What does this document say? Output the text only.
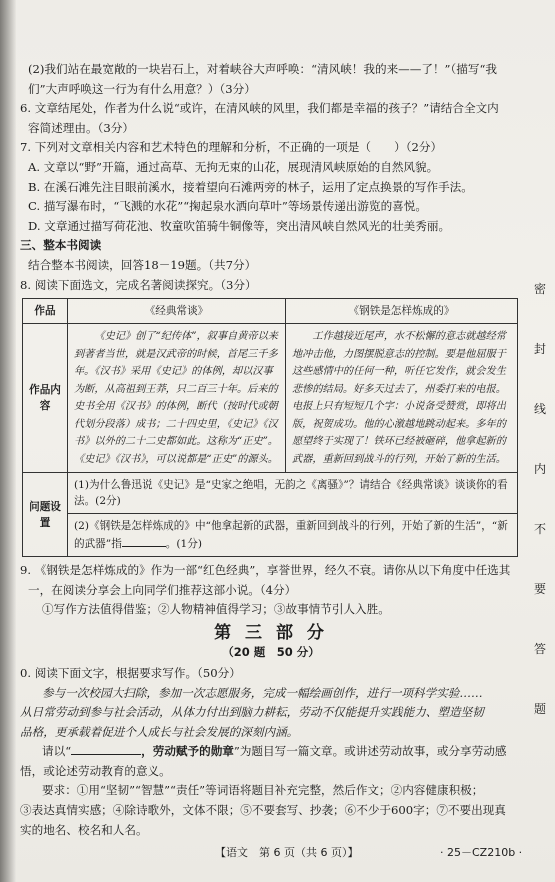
(2)我们站在最宽敞的一块岩石上，对着峡谷大声呼唤：“清风峡！我的来——了！”（描写“我

们”大声呼唤这一行为有什么用意？）（3分）

6. 文章结尾处，作者为什么说“或许，在清风峡的风里，我们都是幸福的孩子？”请结合全文内

容简述理由。（3分）

7. 下列对文章相关内容和艺术特色的理解和分析，不正确的一项是（　　）（2分）

A. 文章以“野”开篇，通过高草、无拘无束的山花，展现清风峡原始的自然风貌。

B. 在溪石滩先注目眼前溪水，接着望向石滩两旁的林子，运用了定点换景的写作手法。

C. 描写瀑布时，“飞溅的水花”“掬起泉水洒向草叶”等场景传递出游览的喜悦。

D. 文章通过描写荷花池、牧童吹笛骑牛铜像等，突出清风峡自然风光的壮美秀丽。

三、整本书阅读

结合整本书阅读，回答18－19题。（共7分）

8. 阅读下面选文，完成名著阅读探究。（3分）

作品	《经典常谈》	《钢铁是怎样炼成的》
作品内容	《史记》创了“纪传体”，叙事自黄帝以来到著者当世，就是汉武帝的时候，首尾三千多年。《汉书》采用《史记》的体例，却以汉事为断，从高祖到王莽，只二百三十年。后来的史书全用《汉书》的体例，断代（按时代或朝代划分段落）成书；二十四史里，《史记》《汉书》以外的二十二史都如此。这称为“正史”。《史记》《汉书》，可以说都是“正史”的源头。	工作越接近尾声，水不松懈的意志就越经常地冲击他，力图摆脱意志的控制。要是他屈服于这些感情中的任何一种，听任它发作，就会发生悲惨的结局。好多天过去了，州委打来的电报。电报上只有短短几个字：小说备受赞赏，即将出版，祝贺成功。他的心激越地跳动起来。多年的愿望终于实现了！铁环已经被砸碎，他拿起新的武器，重新回到战斗的行列，开始了新的生活。
问题设置	(1)为什么鲁迅说《史记》是“史家之绝唱，无韵之《离骚》”？请结合《经典常谈》谈谈你的看法。(2分)	
	(2)《钢铁是怎样炼成的》中“他拿起新的武器，重新回到战斗的行列，开始了新的生活”，“新的武器”指 。(1分)	

9. 《钢铁是怎样炼成的》作为一部“红色经典”，享誉世界，经久不衰。请你从以下角度中任选其

一，在阅读分享会上向同学们推荐这部小说。（4分）

①写作方法值得借鉴；②人物精神值得学习；③故事情节引人入胜。

第 三 部 分
（20 题　50 分）

0. 阅读下面文字，根据要求写作。（50分）

参与一次校园大扫除，参加一次志愿服务，完成一幅绘画创作，进行一项科学实验……

从日常劳动到参与社会活动，从体力付出到脑力耕耘，劳动不仅能提升实践能力、塑造坚韧

品格，更承载着促进个人成长与社会发展的深刻内涵。

请以“	，劳动赋予的勋章”为题目写一篇文章。或讲述劳动故事，或分享劳动感

悟，或论述劳动教育的意义。

要求：①用“坚韧”“智慧”“责任”等词语将题目补充完整，然后作文；②内容健康积极；

③表达真情实感；④除诗歌外，文体不限；⑤不要套写、抄袭；⑥不少于600字；⑦不要出现真

实的地名、校名和人名。

【语文　第 6 页（共 6 页）】	· 25－CZ210b ·
密
封
线
内
不
要
答
题
